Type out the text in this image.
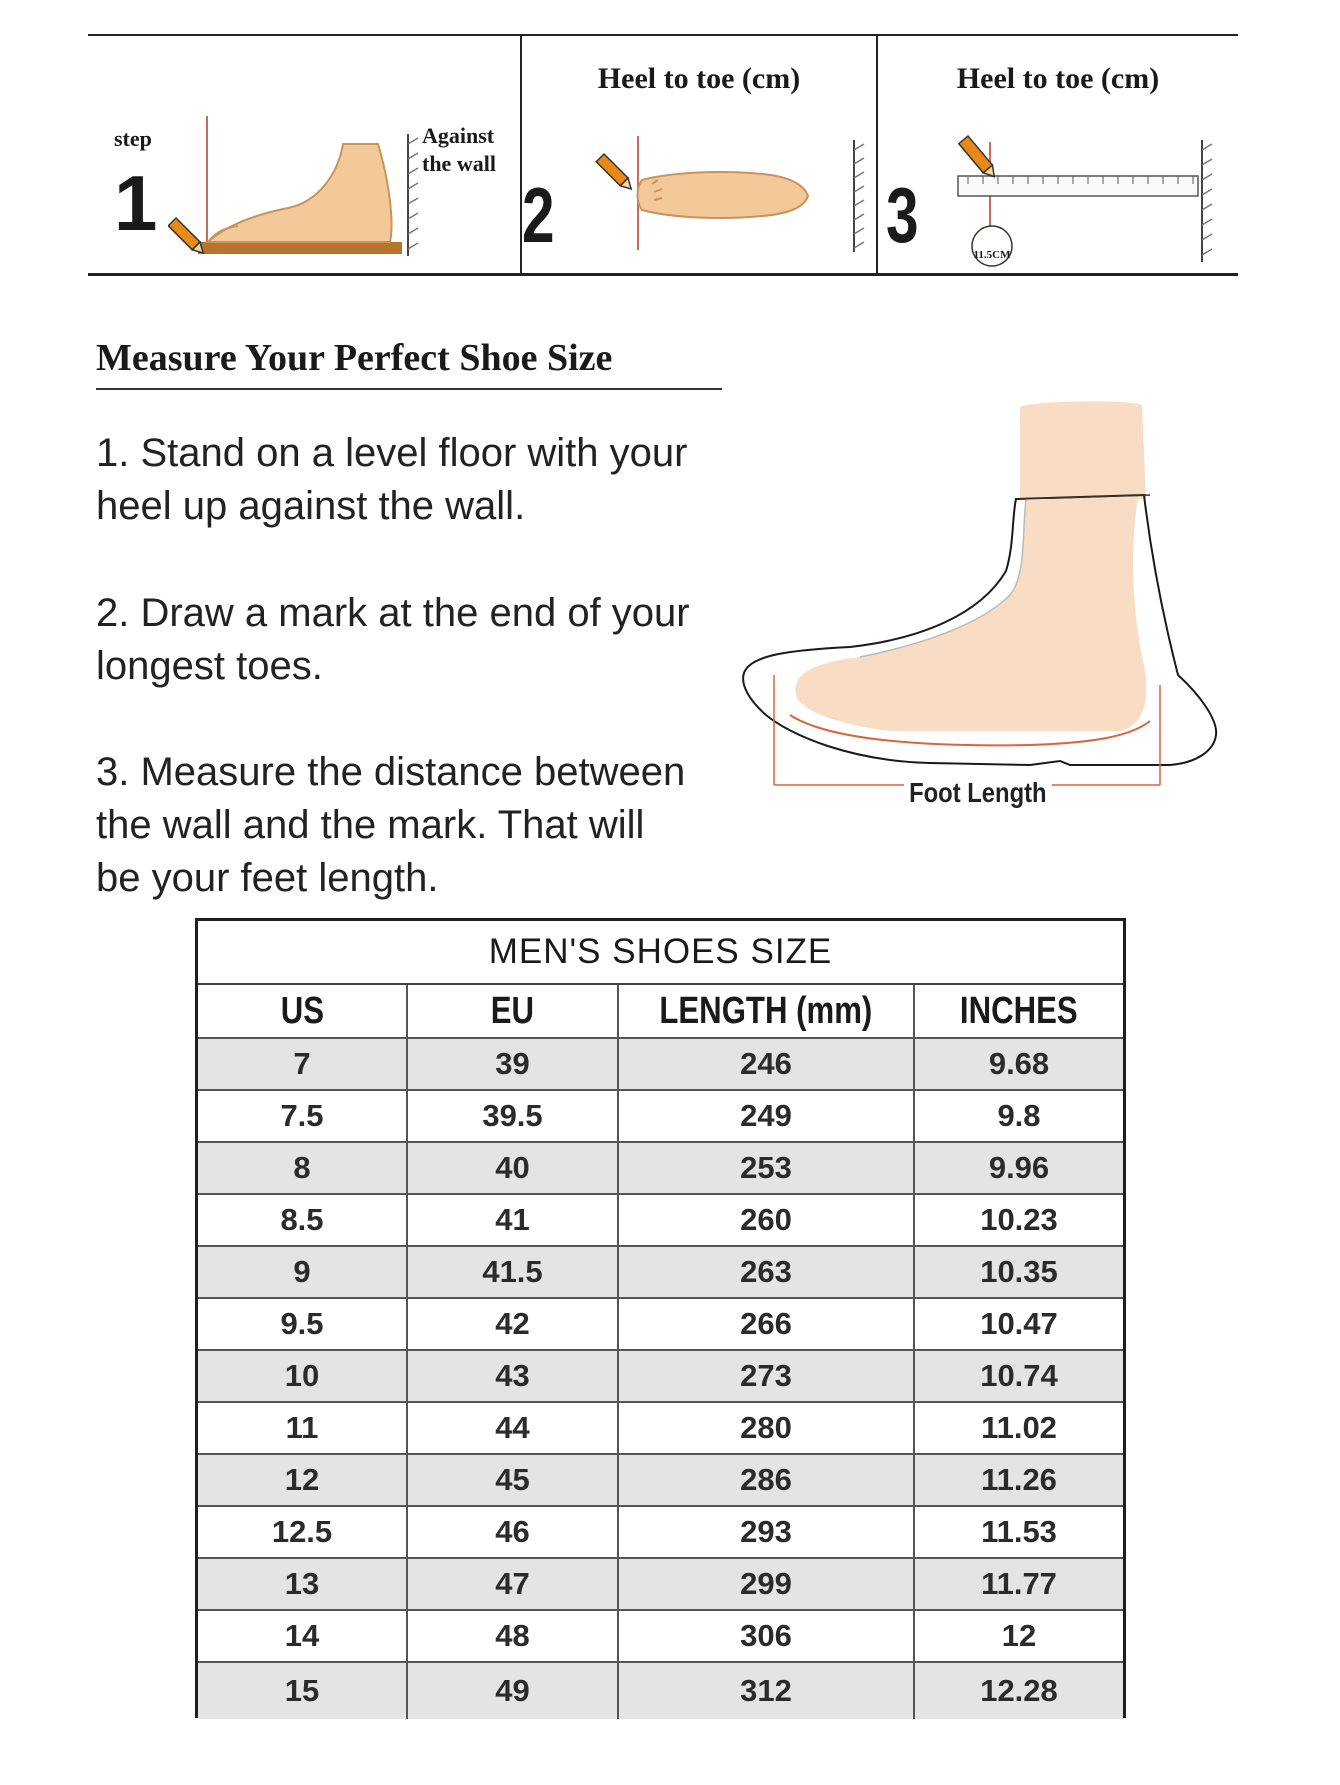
step
1
Against
the wall
Heel to toe (cm)
2
Heel to toe (cm)
3	11.5CM
Measure Your Perfect Shoe Size
1. Stand on a level floor with your
heel up against the wall.
2. Draw a mark at the end of your
longest toes.
3. Measure the distance between
the wall and the mark. That will
be your feet length.
Foot Length
MEN'S SHOES SIZE
US	EU	LENGTH (mm) INCHES
7	39	246	9.68
7.5	39.5	249	9.8
8	40	253	9.96
8.5	41	260	10.23
9	41.5	263	10.35
9.5	42	266	10.47
10	43	273	10.74
11	44	280	11.02
12	45	286	11.26
12.5	46	293	11.53
13	47	299	11.77
14	48	306	12
15	49	312	12.28
